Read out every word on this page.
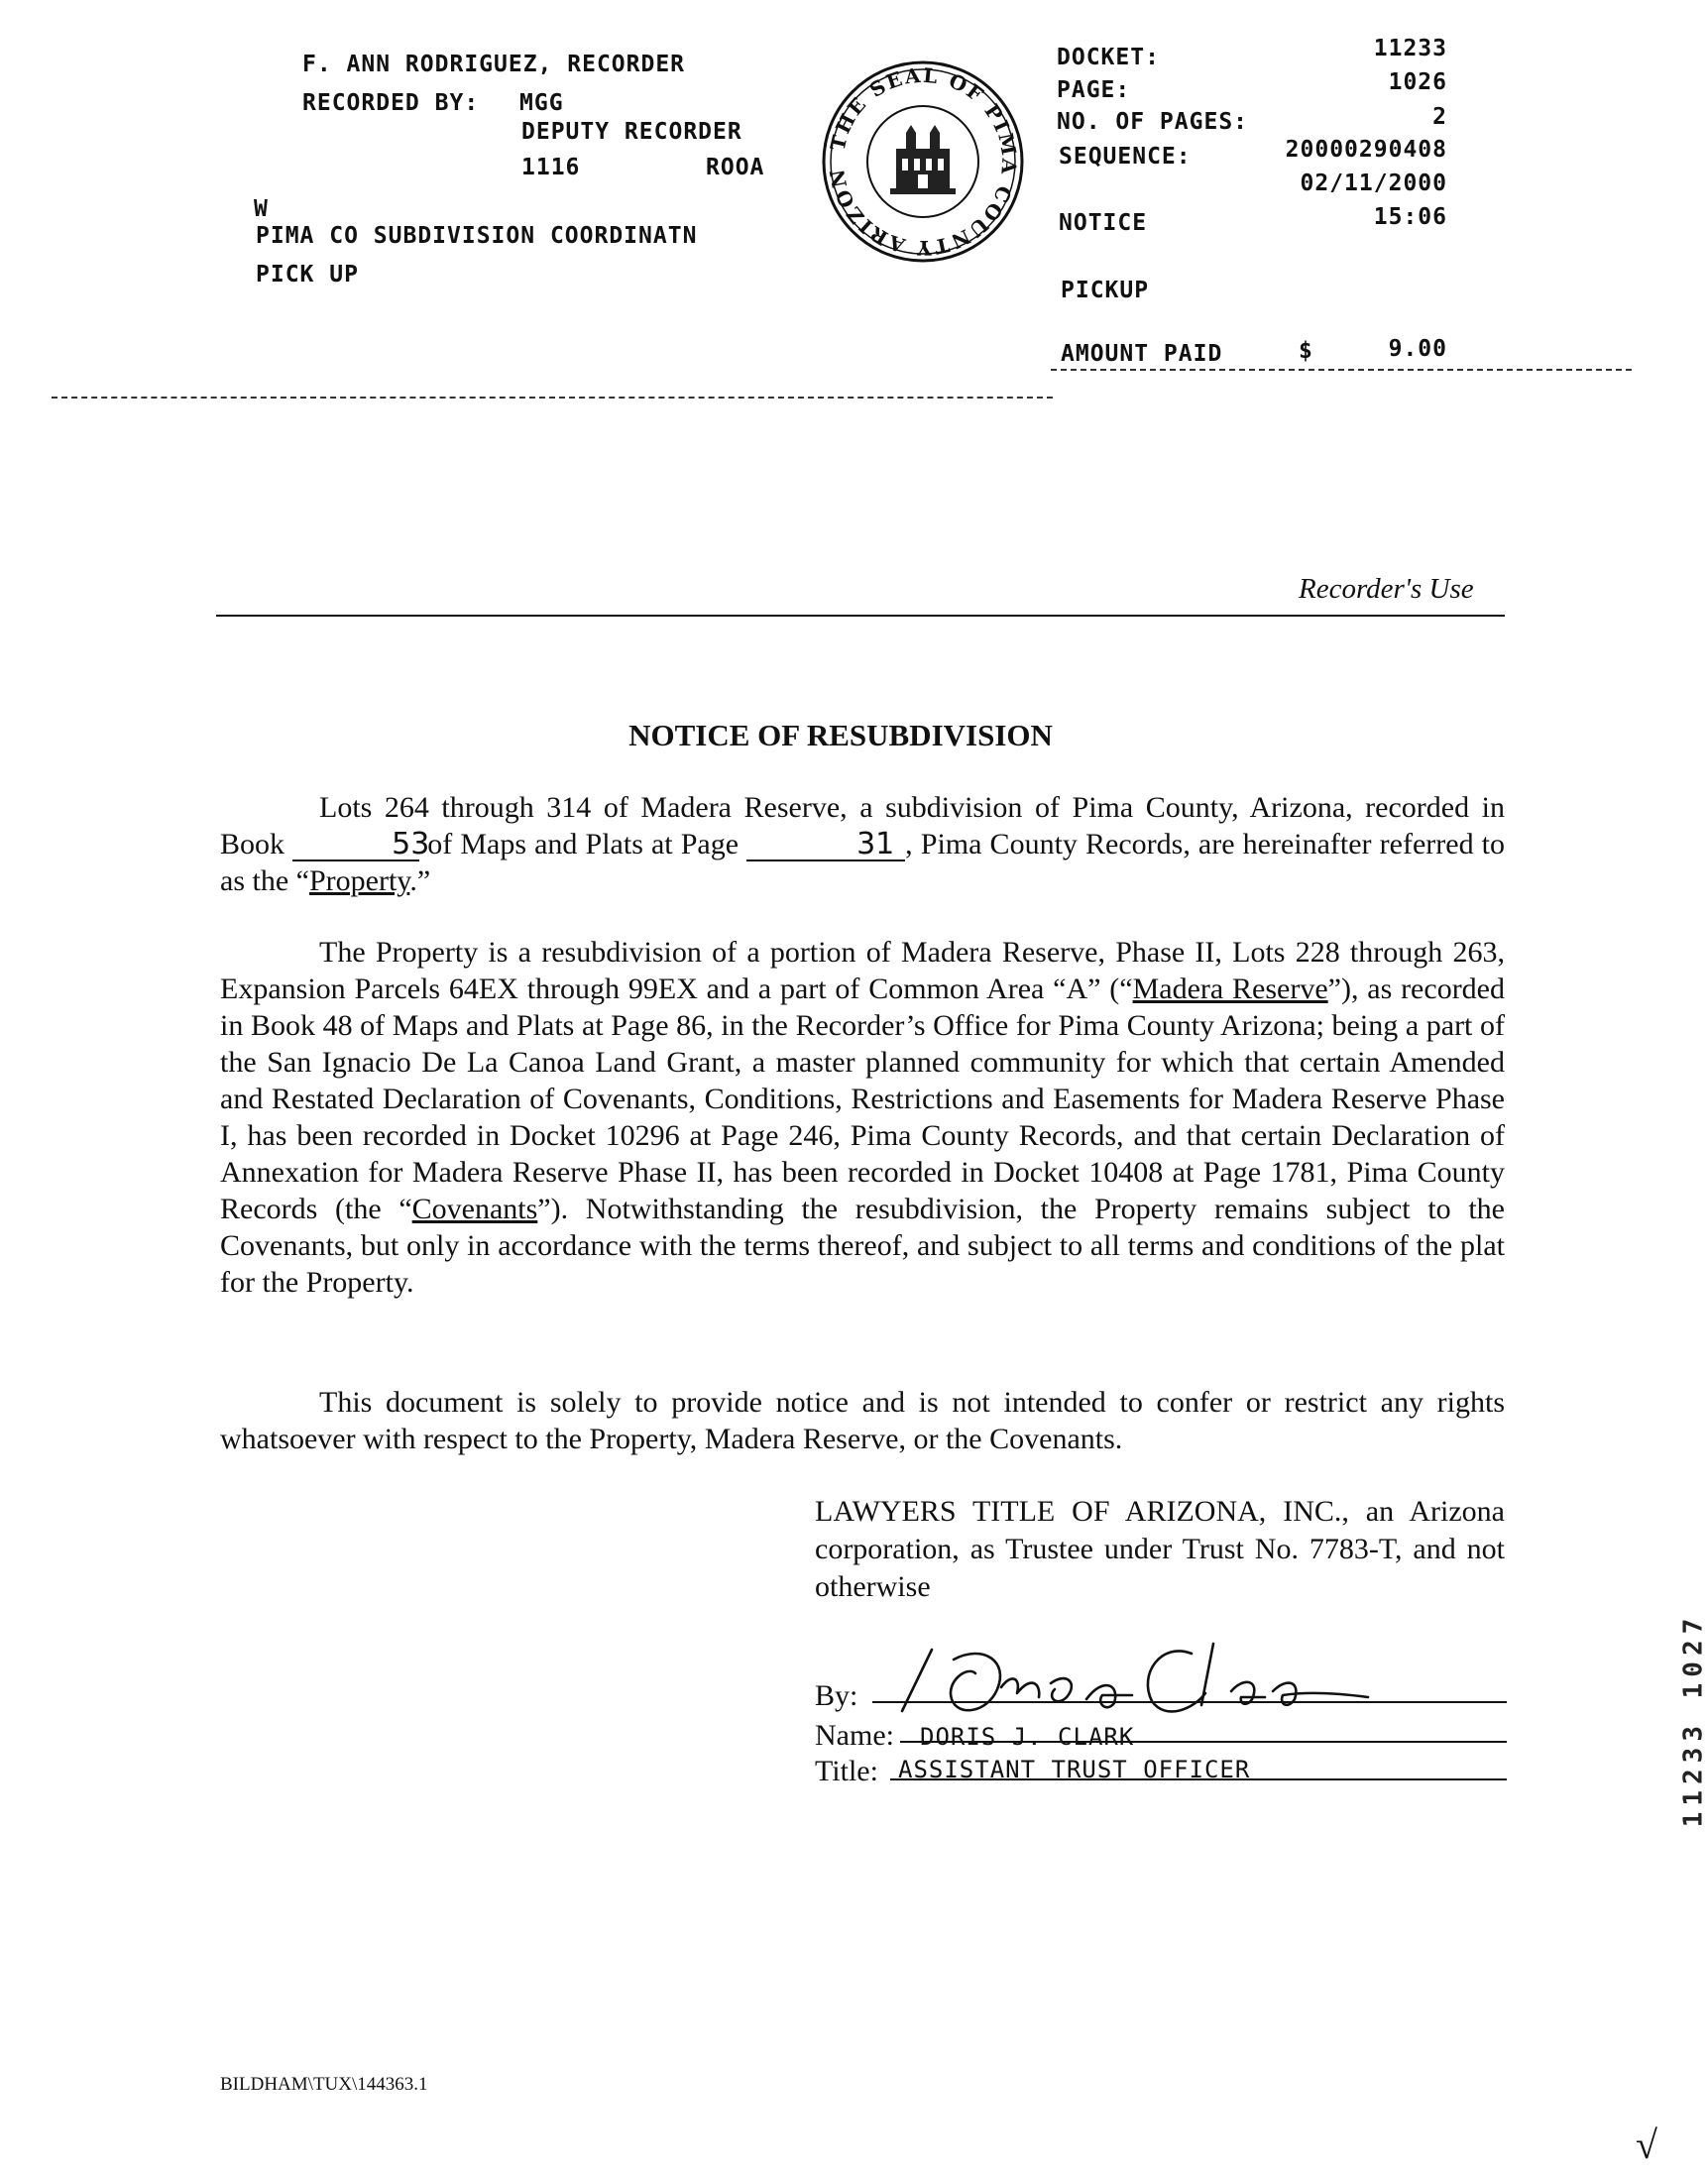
F. ANN RODRIGUEZ, RECORDER
RECORDED BY: MGG
DEPUTY RECORDER
1116	ROOA
W
PIMA CO SUBDIVISION COORDINATN
PICK UP
THE SEAL OF PIMA COUNTY ARIZON
DOCKET:	11233
PAGE:	1026
NO. OF PAGES:	2
SEQUENCE:	20000290408
02/11/2000
NOTICE	15:06
PICKUP
AMOUNT PAID	$	9.00
Recorder's Use
NOTICE OF RESUBDIVISION

Lots 264 through 314 of Madera Reserve, a subdivision of Pima County, Arizona, recorded in Book	53 of Maps and Plats at Page	31 , Pima County Records, are hereinafter referred to as the “Property.”

The Property is a resubdivision of a portion of Madera Reserve, Phase II, Lots 228 through 263, Expansion Parcels 64EX through 99EX and a part of Common Area “A” (“Madera Reserve”), as recorded in Book 48 of Maps and Plats at Page 86, in the Recorder’s Office for Pima County Arizona; being a part of the San Ignacio De La Canoa Land Grant, a master planned community for which that certain Amended and Restated Declaration of Covenants, Conditions, Restrictions and Easements for Madera Reserve Phase I, has been recorded in Docket 10296 at Page 246, Pima County Records, and that certain Declaration of Annexation for Madera Reserve Phase II, has been recorded in Docket 10408 at Page 1781, Pima County Records (the “Covenants”). Notwithstanding the resubdivision, the Property remains subject to the Covenants, but only in accordance with the terms thereof, and subject to all terms and conditions of the plat for the Property.

This document is solely to provide notice and is not intended to confer or restrict any rights whatsoever with respect to the Property, Madera Reserve, or the Covenants.

LAWYERS TITLE OF ARIZONA, INC., an Arizona corporation, as Trustee under Trust No. 7783-T, and not otherwise
By:
Name: DORIS J. CLARK
Title: ASSISTANT TRUST OFFICER	11233 1027
BILDHAM\TUX\144363.1
√
